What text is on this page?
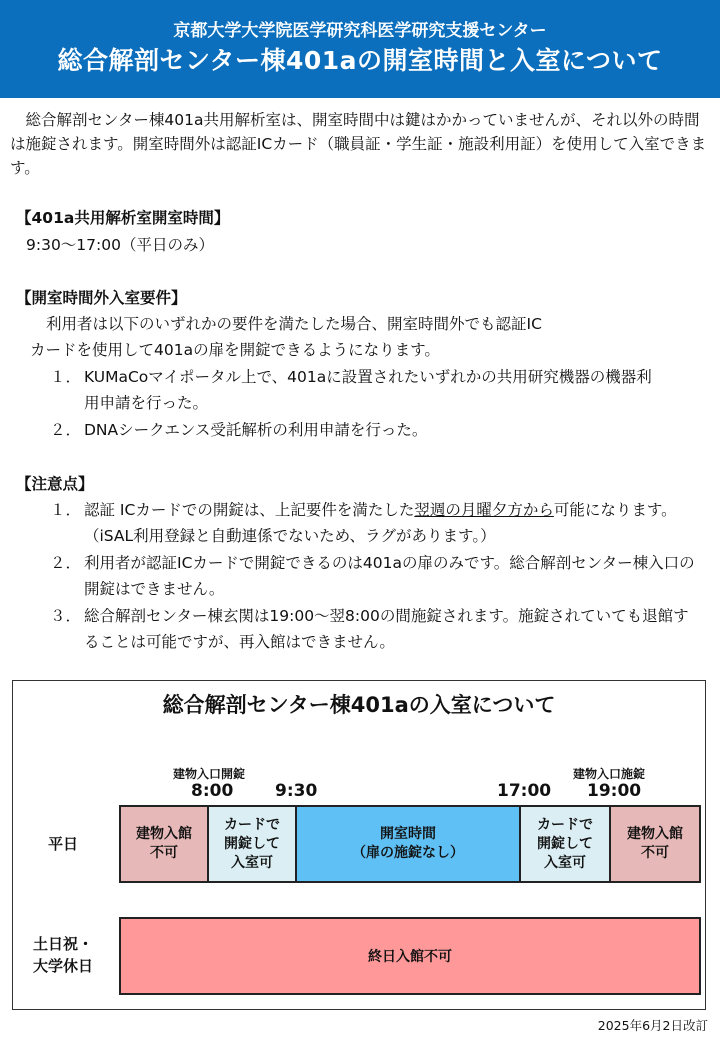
京都大学大学院医学研究科医学研究支援センター
総合解剖センター棟401aの開室時間と入室について
総合解剖センター棟401a共用解析室は、開室時間中は鍵はかかっていませんが、それ以外の時間は施錠されます。開室時間外は認証ICカード（職員証・学生証・施設利用証）を使用して入室できます。
【401a共用解析室開室時間】
9:30〜17:00（平日のみ）
【開室時間外入室要件】
利用者は以下のいずれかの要件を満たした場合、開室時間外でも認証IC
カードを使用して401aの扉を開錠できるようになります。
１． KUMaCoマイポータル上で、401aに設置されたいずれかの共用研究機器の機器利用申請を行った。
２． DNAシークエンス受託解析の利用申請を行った。
【注意点】
１． 認証 ICカードでの開錠は、上記要件を満たした翌週の月曜夕方から可能になります。（iSAL利用登録と自動連係でないため、ラグがあります。）
２． 利用者が認証ICカードで開錠できるのは401aの扉のみです。総合解剖センター棟入口の開錠はできません。
３． 総合解剖センター棟玄関は19:00〜翌8:00の間施錠されます。施錠されていても退館することは可能ですが、再入館はできません。
総合解剖センター棟401aの入室について
建物入口開錠	建物入口施錠
8:00 9:30	17:00 19:00
平日
土日祝・
大学休日
建物入館
不可
カードで
開錠して
入室可
開室時間
（扉の施錠なし）
カードで
開錠して
入室可
建物入館
不可
終日入館不可
2025年6月2日改訂
